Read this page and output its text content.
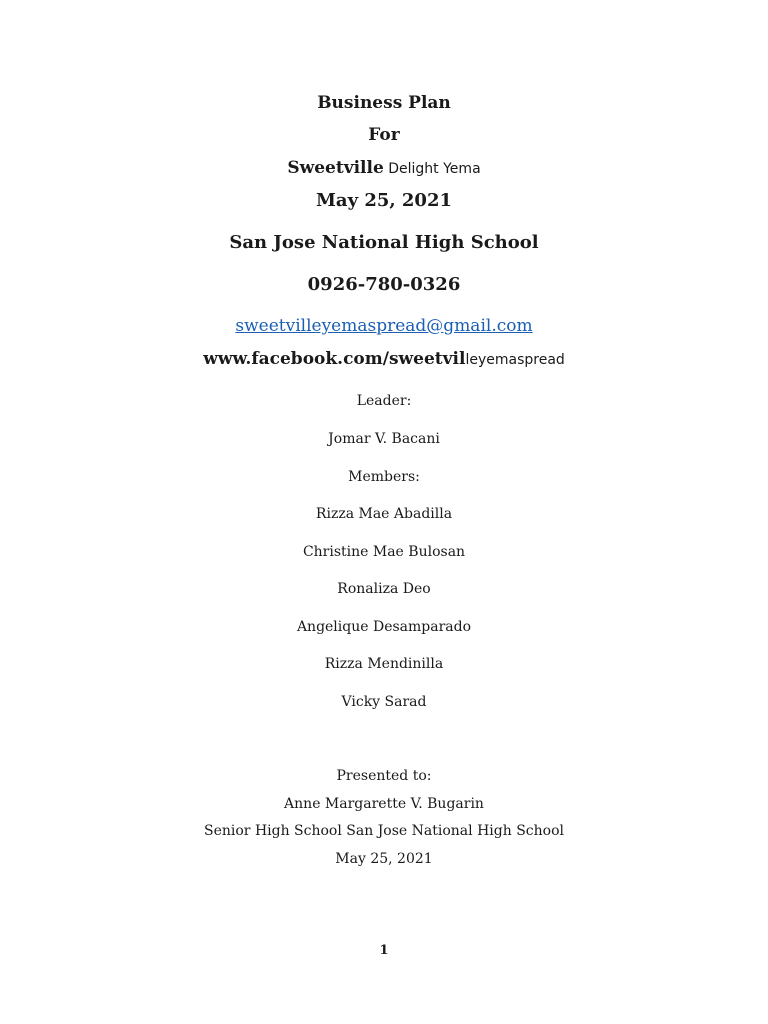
Business Plan
For
Sweetville Delight Yema
May 25, 2021
San Jose National High School
0926-780-0326
sweetvilleyemaspread@gmail.com
www.facebook.com/sweetvilleyemaspread
Leader:
Jomar V. Bacani
Members:
Rizza Mae Abadilla
Christine Mae Bulosan
Ronaliza Deo
Angelique Desamparado
Rizza Mendinilla
Vicky Sarad
Presented to:
Anne Margarette V. Bugarin
Senior High School San Jose National High School
May 25, 2021
1
